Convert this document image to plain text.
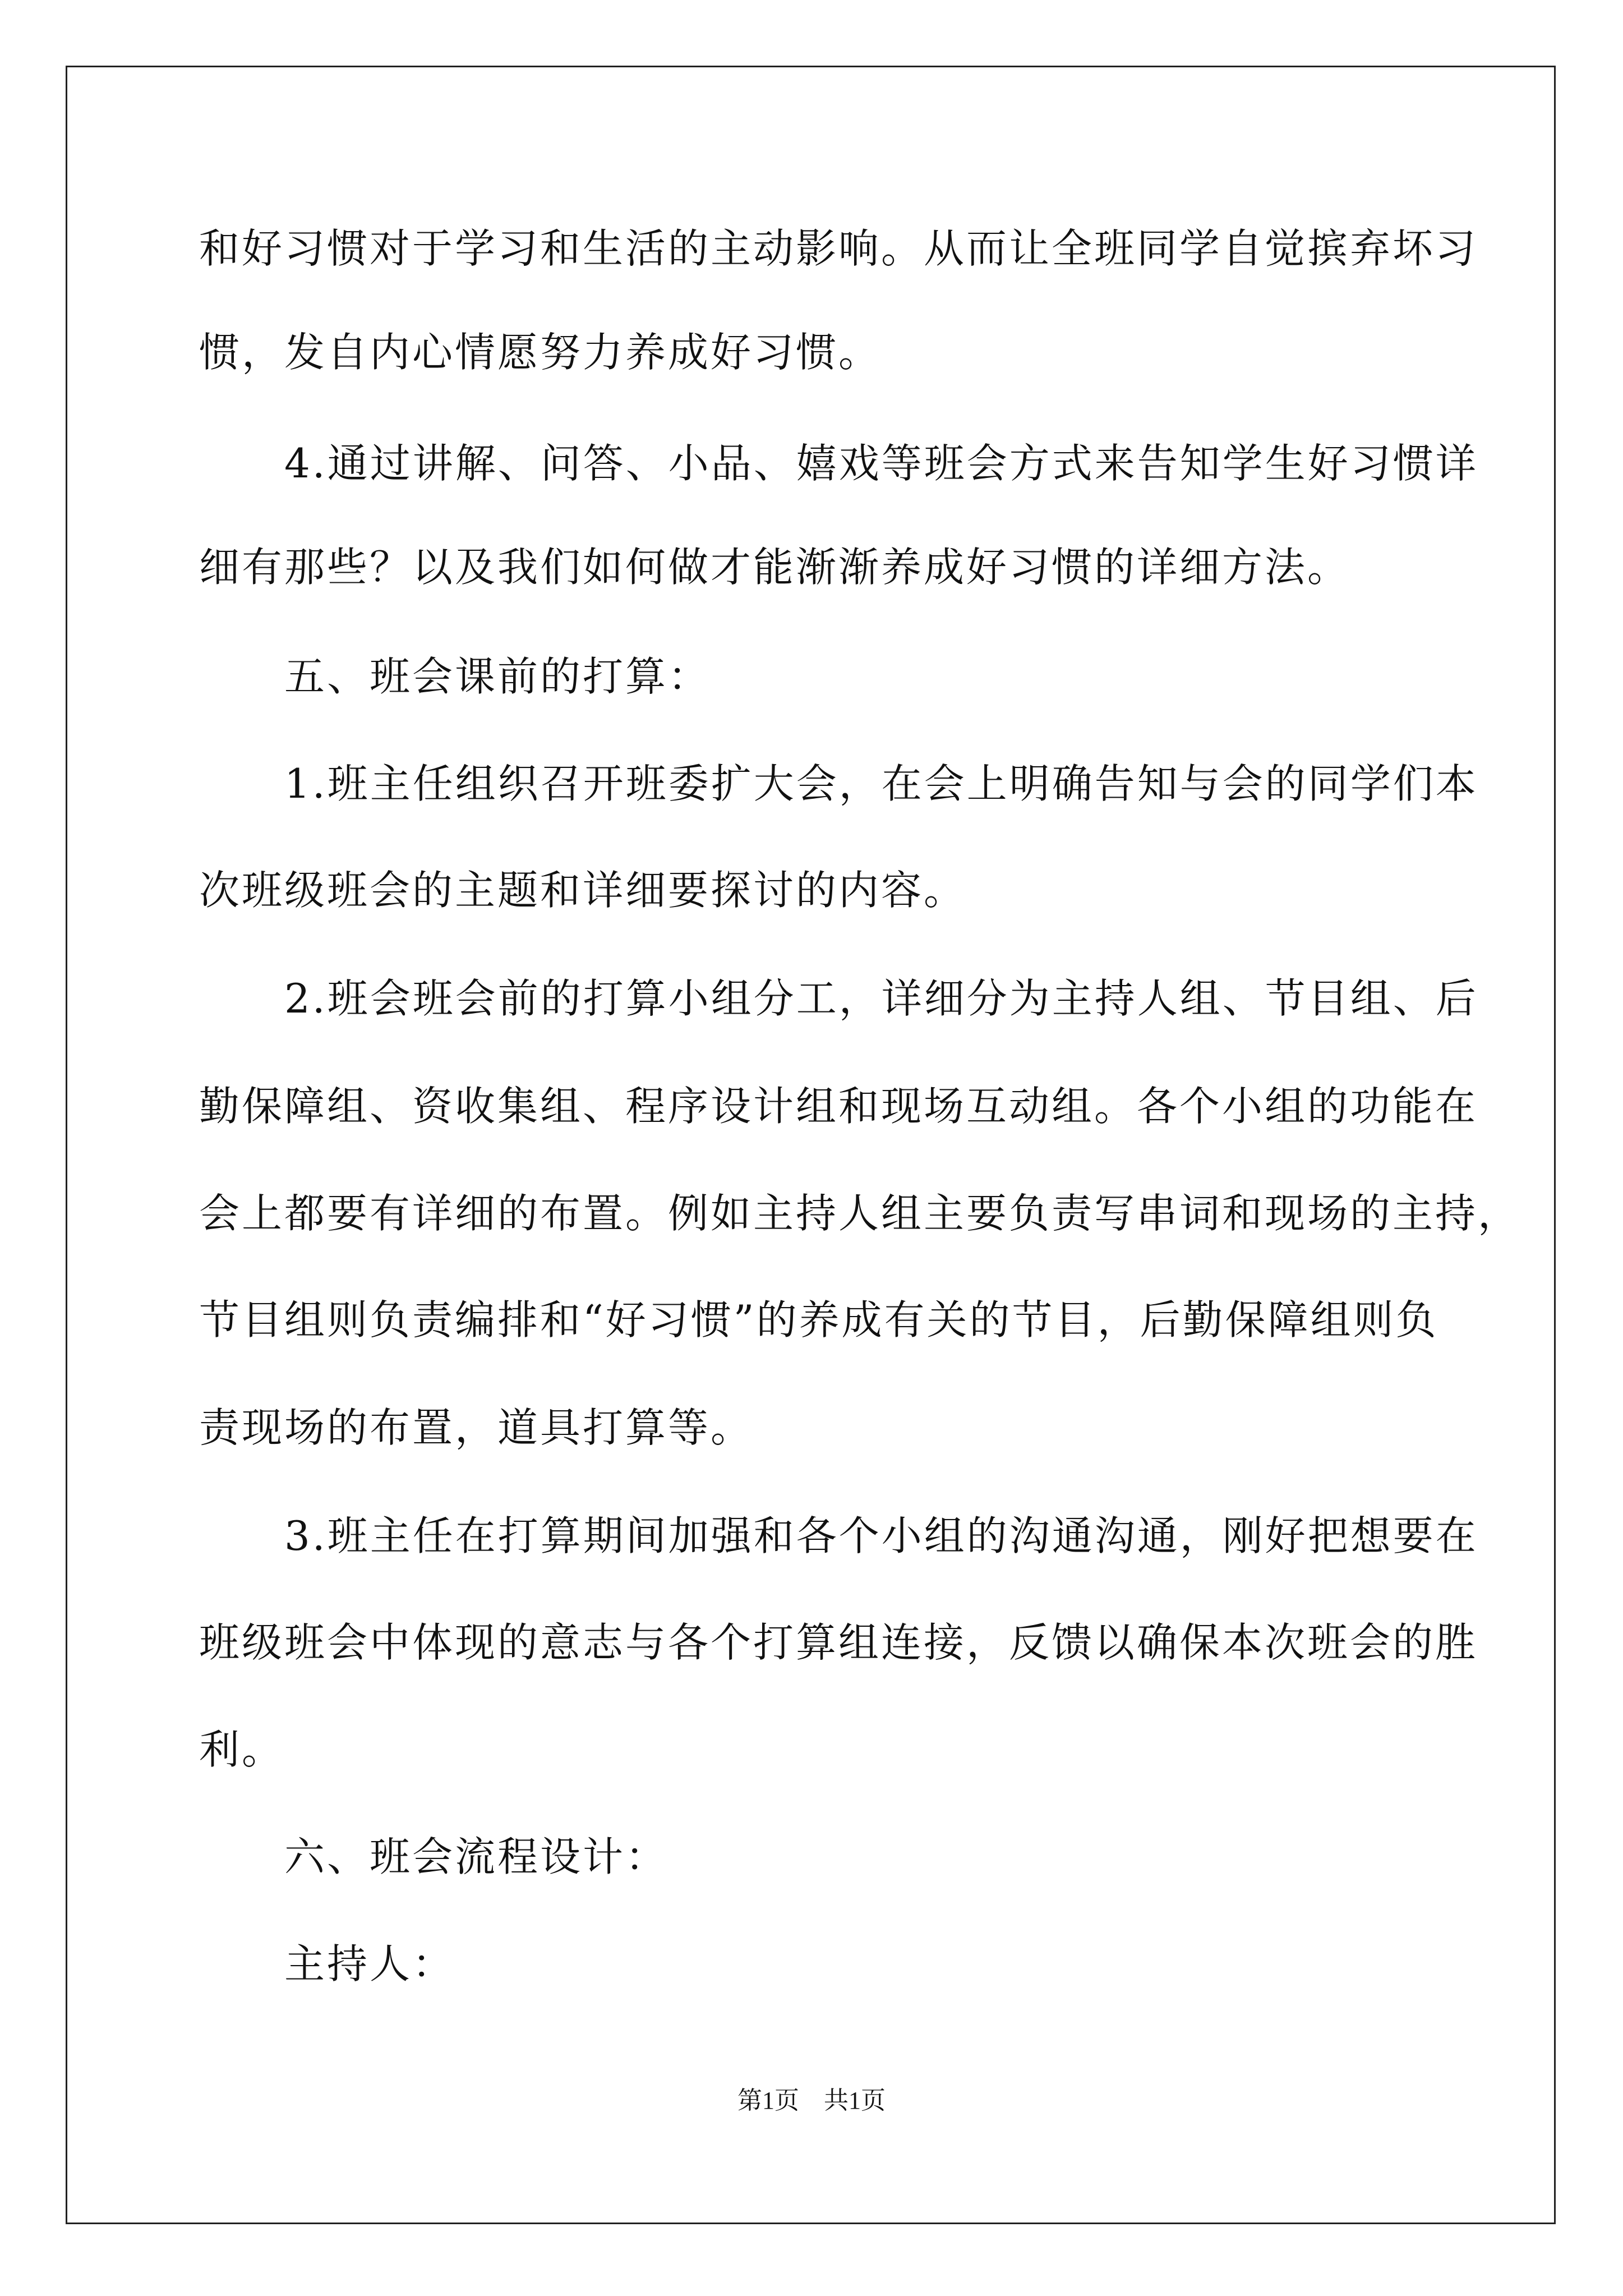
和好习惯对于学习和生活的主动影响。从而让全班同学自觉摈弃坏习
惯，发自内心情愿努力养成好习惯。
　　4.通过讲解、问答、小品、嬉戏等班会方式来告知学生好习惯详
细有那些？以及我们如何做才能渐渐养成好习惯的详细方法。
　　五、班会课前的打算：
　　1.班主任组织召开班委扩大会，在会上明确告知与会的同学们本
次班级班会的主题和详细要探讨的内容。
　　2.班会班会前的打算小组分工，详细分为主持人组、节目组、后
勤保障组、资收集组、程序设计组和现场互动组。各个小组的功能在
会上都要有详细的布置。例如主持人组主要负责写串词和现场的主持，
节目组则负责编排和“好习惯”的养成有关的节目，后勤保障组则负
责现场的布置，道具打算等。
　　3.班主任在打算期间加强和各个小组的沟通沟通，刚好把想要在
班级班会中体现的意志与各个打算组连接，反馈以确保本次班会的胜
利。
　　六、班会流程设计：
　　主持人：
第1页　共1页
